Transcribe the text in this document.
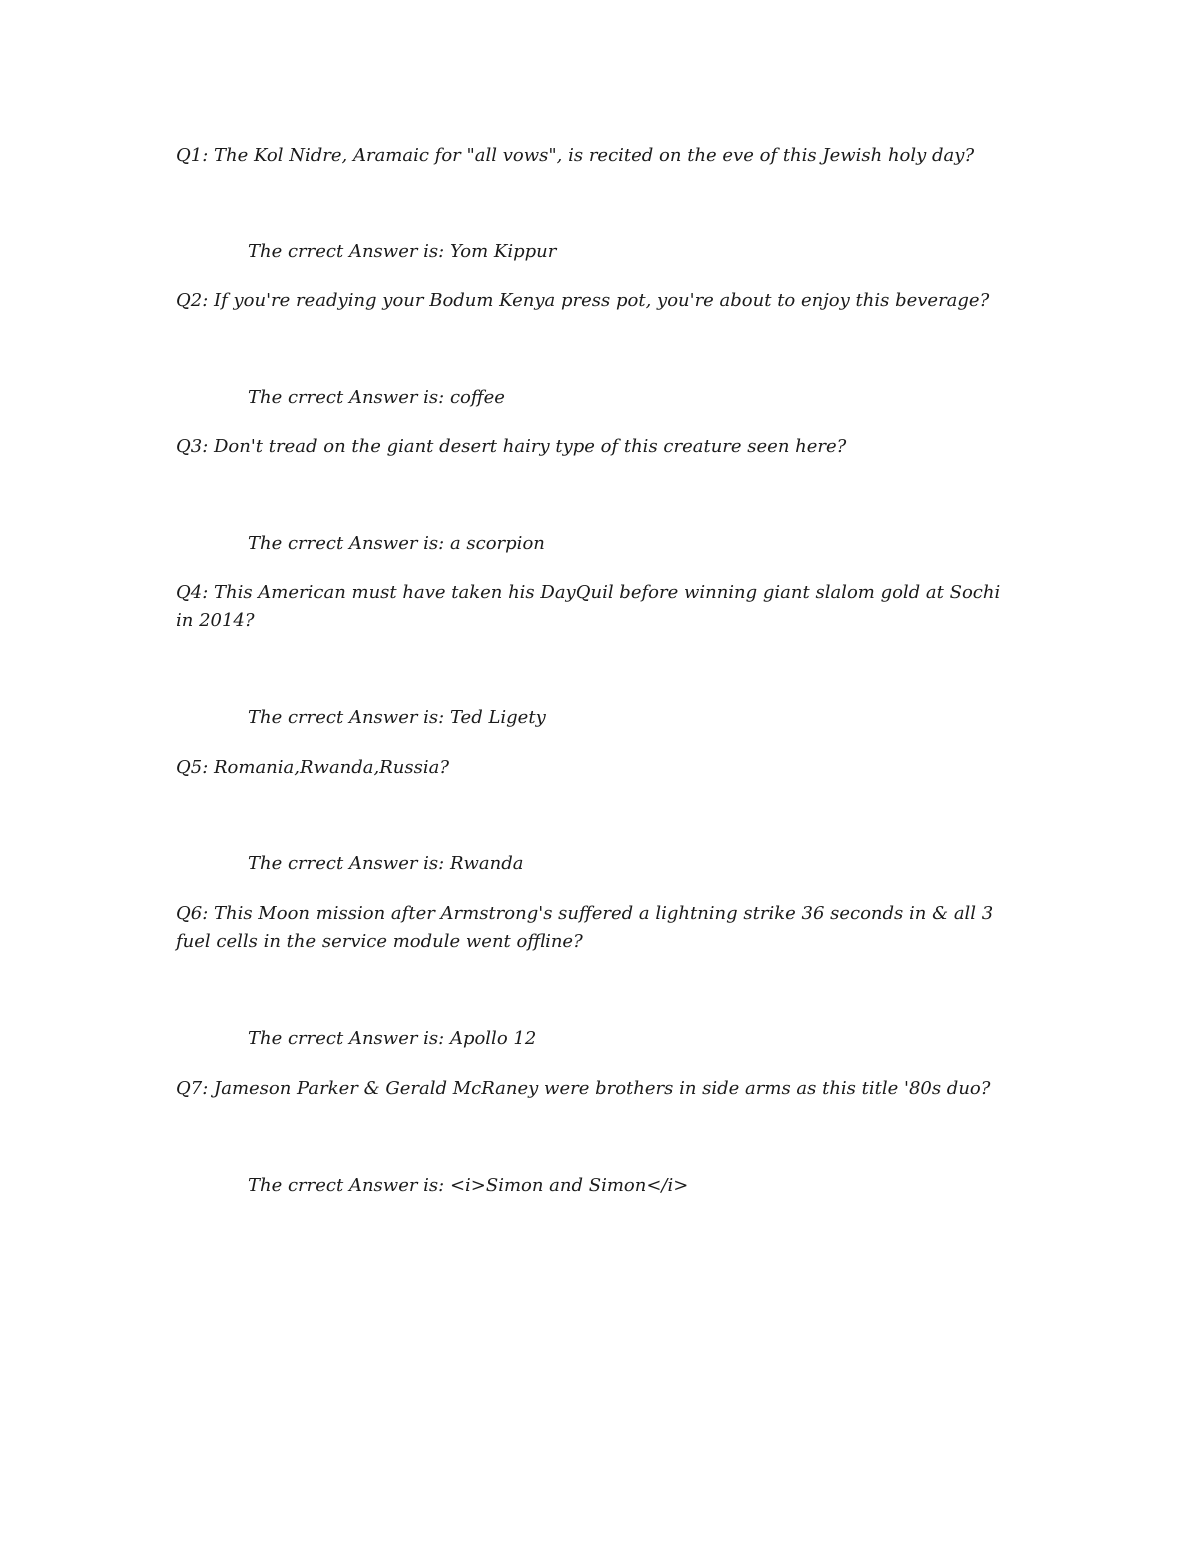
Q1: The Kol Nidre, Aramaic for "all vows", is recited on the eve of this Jewish holy day?

The crrect Answer is: Yom Kippur

Q2: If you're readying your Bodum Kenya press pot, you're about to enjoy this beverage?

The crrect Answer is: coffee

Q3: Don't tread on the giant desert hairy type of this creature seen here?

The crrect Answer is: a scorpion

Q4: This American must have taken his DayQuil before winning giant slalom gold at Sochi in 2014?

The crrect Answer is: Ted Ligety

Q5: Romania,Rwanda,Russia?

The crrect Answer is: Rwanda

Q6: This Moon mission after Armstrong's suffered a lightning strike 36 seconds in & all 3 fuel cells in the service module went offline?

The crrect Answer is: Apollo 12

Q7: Jameson Parker & Gerald McRaney were brothers in side arms as this title '80s duo?

The crrect Answer is: <i>Simon and Simon</i>
